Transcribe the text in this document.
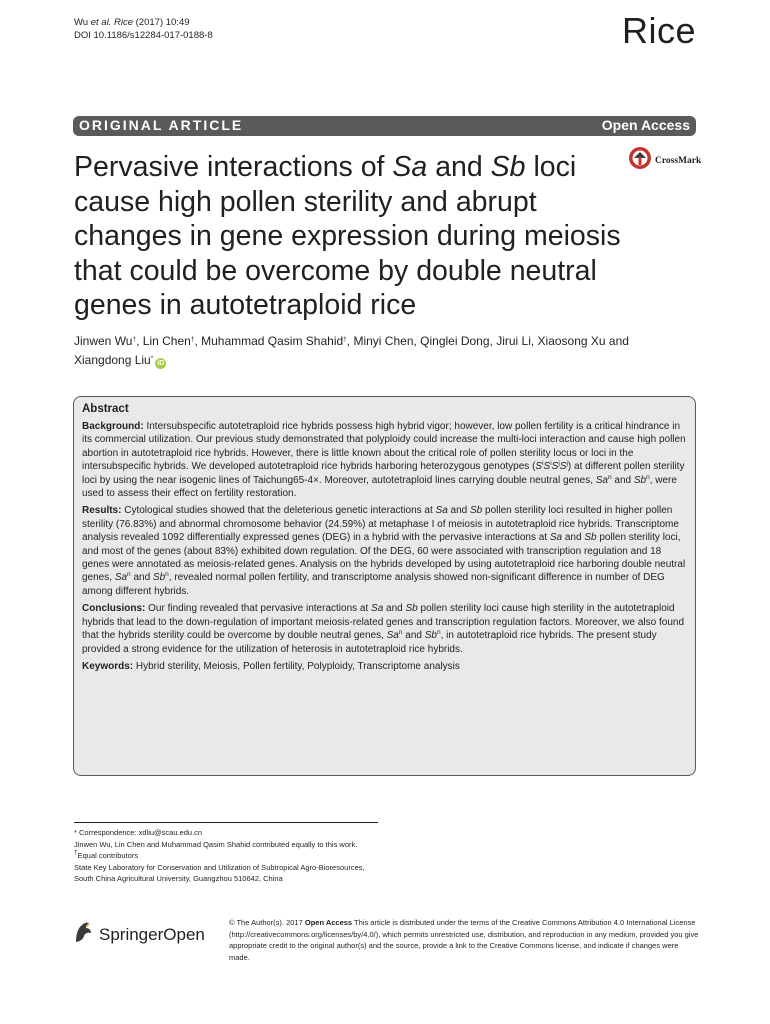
Wu et al. Rice (2017) 10:49
DOI 10.1186/s12284-017-0188-8	Rice
ORIGINAL ARTICLE	Open Access
CrossMark
Pervasive interactions of Sa and Sb loci cause high pollen sterility and abrupt changes in gene expression during meiosis that could be overcome by double neutral genes in autotetraploid rice
Jinwen Wu†, Lin Chen†, Muhammad Qasim Shahid†, Minyi Chen, Qinglei Dong, Jirui Li, Xiaosong Xu and Xiangdong Liu*iD
Abstract

Background: Intersubspecific autotetraploid rice hybrids possess high hybrid vigor; however, low pollen fertility is a critical hindrance in its commercial utilization. Our previous study demonstrated that polyploidy could increase the multi-loci interaction and cause high pollen abortion in autotetraploid rice hybrids. However, there is little known about the critical role of pollen sterility locus or loci in the intersubspecific hybrids. We developed autotetraploid rice hybrids harboring heterozygous genotypes $(S^iS^iS^jS^j)$ at different pollen sterility loci by using the near isogenic lines of Taichung65-4×. Moreover, autotetraploid lines carrying double neutral genes, Sa$^n$ and Sb$^n$, were used to assess their effect on fertility restoration.

Results: Cytological studies showed that the deleterious genetic interactions at Sa and Sb pollen sterility loci resulted in higher pollen sterility (76.83%) and abnormal chromosome behavior (24.59%) at metaphase I of meiosis in autotetraploid rice hybrids. Transcriptome analysis revealed 1092 differentially expressed genes (DEG) in a hybrid with the pervasive interactions at Sa and Sb pollen sterility loci, and most of the genes (about 83%) exhibited down regulation. Of the DEG, 60 were associated with transcription regulation and 18 genes were annotated as meiosis-related genes. Analysis on the hybrids developed by using autotetraploid rice harboring double neutral genes, Sa$^n$ and Sb$^n$, revealed normal pollen fertility, and transcriptome analysis showed non-significant difference in number of DEG among different hybrids.

Conclusions: Our finding revealed that pervasive interactions at Sa and Sb pollen sterility loci cause high sterility in the autotetraploid hybrids that lead to the down-regulation of important meiosis-related genes and transcription regulation factors. Moreover, we also found that the hybrids sterility could be overcome by double neutral genes, Sa$^n$ and Sb$^n$, in autotetraploid rice hybrids. The present study provided a strong evidence for the utilization of heterosis in autotetraploid rice hybrids.

Keywords: Hybrid sterility, Meiosis, Pollen fertility, Polyploidy, Transcriptome analysis

* Correspondence: xdliu@scau.edu.cn
Jinwen Wu, Lin Chen and Muhammad Qasim Shahid contributed equally to this work.
†Equal contributors
State Key Laboratory for Conservation and Utilization of Subtropical Agro-Bioresources, South China Agricultural University, Guangzhou 510642, China
SpringerOpen
© The Author(s). 2017 Open Access This article is distributed under the terms of the Creative Commons Attribution 4.0 International License (http://creativecommons.org/licenses/by/4.0/), which permits unrestricted use, distribution, and reproduction in any medium, provided you give appropriate credit to the original author(s) and the source, provide a link to the Creative Commons license, and indicate if changes were made.
